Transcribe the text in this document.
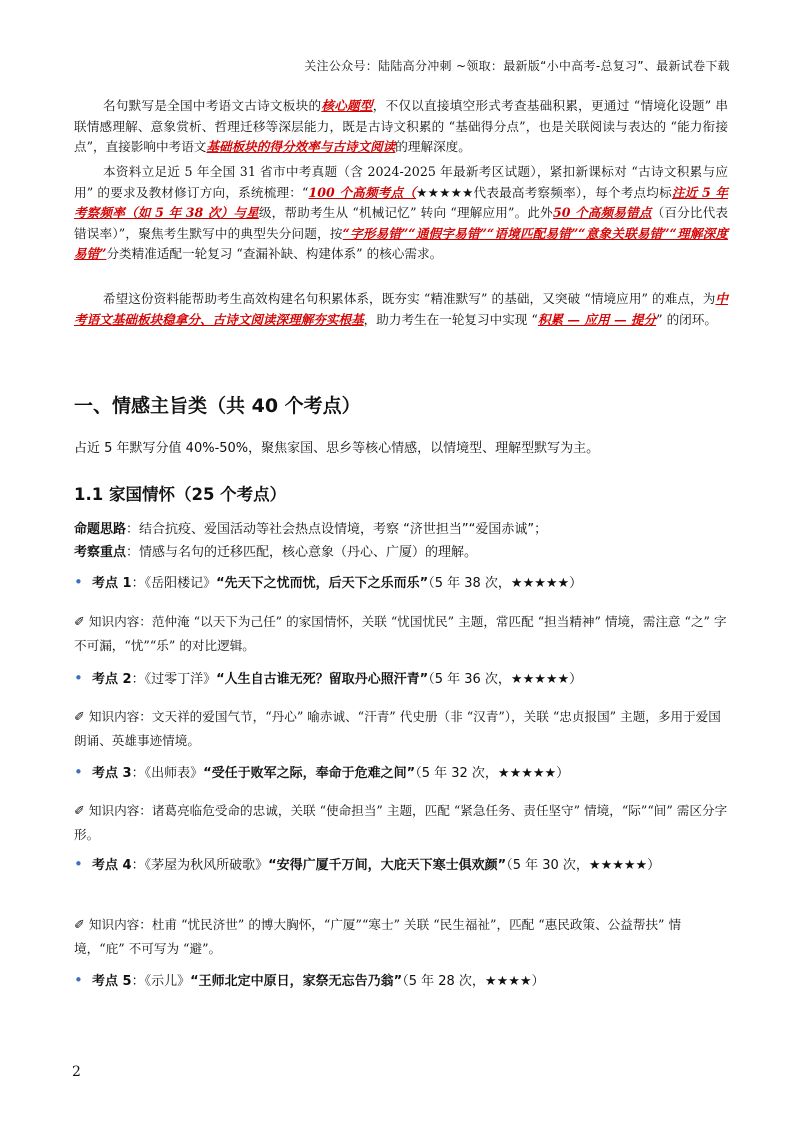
关注公众号：陆陆高分冲刺 ~领取：最新版“小中高考-总复习”、最新试卷下载

名句默写是全国中考语文古诗文板块的核心题型，不仅以直接填空形式考查基础积累，更通过 “情境化设题” 串联情感理解、意象赏析、哲理迁移等深层能力，既是古诗文积累的 “基础得分点”，也是关联阅读与表达的 “能力衔接点”，直接影响中考语文基础板块的得分效率与古诗文阅读的理解深度。

本资料立足近 5 年全国 31 省市中考真题（含 2024-2025 年最新考区试题），紧扣新课标对 “古诗文积累与应用” 的要求及教材修订方向，系统梳理：“100 个高频考点（★★★★★代表最高考察频率），每个考点均标注近 5 年考察频率（如 5 年 38 次）与星级，帮助考生从 “机械记忆” 转向 “理解应用”。此外50 个高频易错点（百分比代表错误率）”，聚焦考生默写中的典型失分问题，按“字形易错”“通假字易错”“语境匹配易错”“意象关联易错”“理解深度易错”分类精准适配一轮复习 “查漏补缺、构建体系” 的核心需求。

希望这份资料能帮助考生高效构建名句积累体系，既夯实 “精准默写” 的基础，又突破 “情境应用” 的难点，为中考语文基础板块稳拿分、古诗文阅读深理解夯实根基，助力考生在一轮复习中实现 “积累 — 应用 — 提分” 的闭环。

一、情感主旨类（共 40 个考点）
占近 5 年默写分值 40%-50%，聚焦家国、思乡等核心情感，以情境型、理解型默写为主。
1.1 家国情怀（25 个考点）
命题思路：结合抗疫、爱国活动等社会热点设情境，考察 “济世担当”“爱国赤诚”；
考察重点：情感与名句的迁移匹配，核心意象（丹心、广厦）的理解。
• 考点 1：《岳阳楼记》“先天下之忧而忧，后天下之乐而乐”（5 年 38 次，★★★★★）
✐ 知识内容：范仲淹 “以天下为己任” 的家国情怀，关联 “忧国忧民” 主题，常匹配 “担当精神” 情境，需注意 “之” 字不可漏，“忧”“乐” 的对比逻辑。
• 考点 2：《过零丁洋》“人生自古谁无死？留取丹心照汗青”（5 年 36 次，★★★★★）
✐ 知识内容：文天祥的爱国气节，“丹心” 喻赤诚、“汗青” 代史册（非 “汉青”），关联 “忠贞报国” 主题，多用于爱国朗诵、英雄事迹情境。
• 考点 3：《出师表》“受任于败军之际，奉命于危难之间”（5 年 32 次，★★★★★）
✐ 知识内容：诸葛亮临危受命的忠诚，关联 “使命担当” 主题，匹配 “紧急任务、责任坚守” 情境，“际”“间” 需区分字形。
• 考点 4：《茅屋为秋风所破歌》“安得广厦千万间，大庇天下寒士俱欢颜”（5 年 30 次，★★★★★）
✐ 知识内容：杜甫 “忧民济世” 的博大胸怀，“广厦”“寒士” 关联 “民生福祉”，匹配 “惠民政策、公益帮扶” 情境，“庇” 不可写为 “避”。
• 考点 5：《示儿》“王师北定中原日，家祭无忘告乃翁”（5 年 28 次，★★★★）
2
